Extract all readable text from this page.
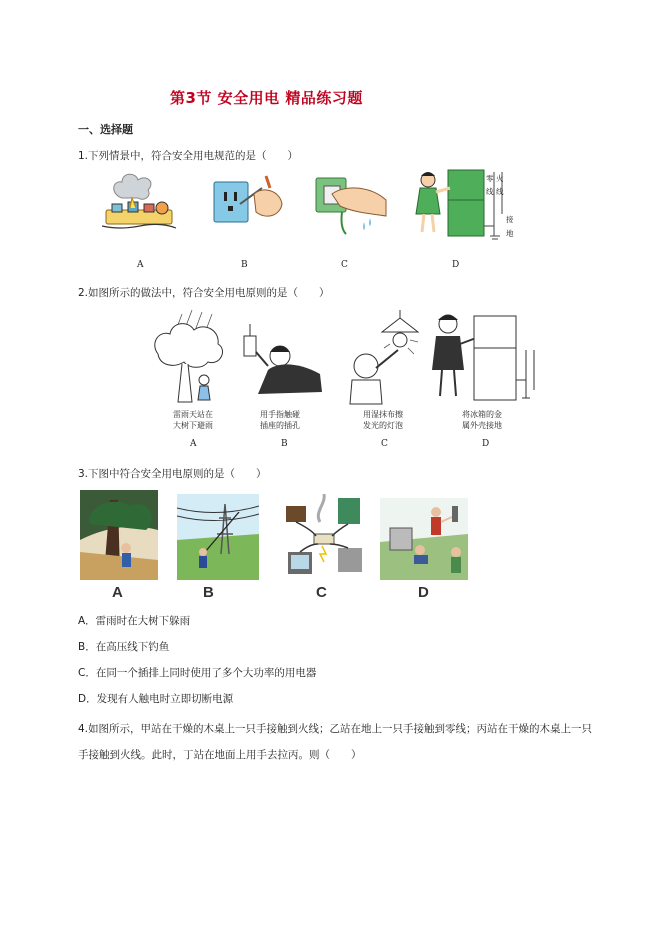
第3节 安全用电 精品练习题
一、选择题
1.下列情景中，符合安全用电规范的是（　　）
零 火
线 线
接
地
A	B	C	D
2.如图所示的做法中，符合安全用电原则的是（　　）
雷雨天站在
大树下避雨
用手指触碰
插座的插孔
用湿抹布擦
发光的灯泡
将冰箱的金
属外壳接地
A	B	C	D
3.下图中符合安全用电原则的是（　　）
A	B	C	D
A．雷雨时在大树下躲雨
B．在高压线下钓鱼
C．在同一个插排上同时使用了多个大功率的用电器
D．发现有人触电时立即切断电源
4.如图所示，甲站在干燥的木桌上一只手接触到火线；乙站在地上一只手接触到零线；丙站在干燥的木桌上一只手接触到火线。此时，丁站在地面上用手去拉丙。则（　　）
